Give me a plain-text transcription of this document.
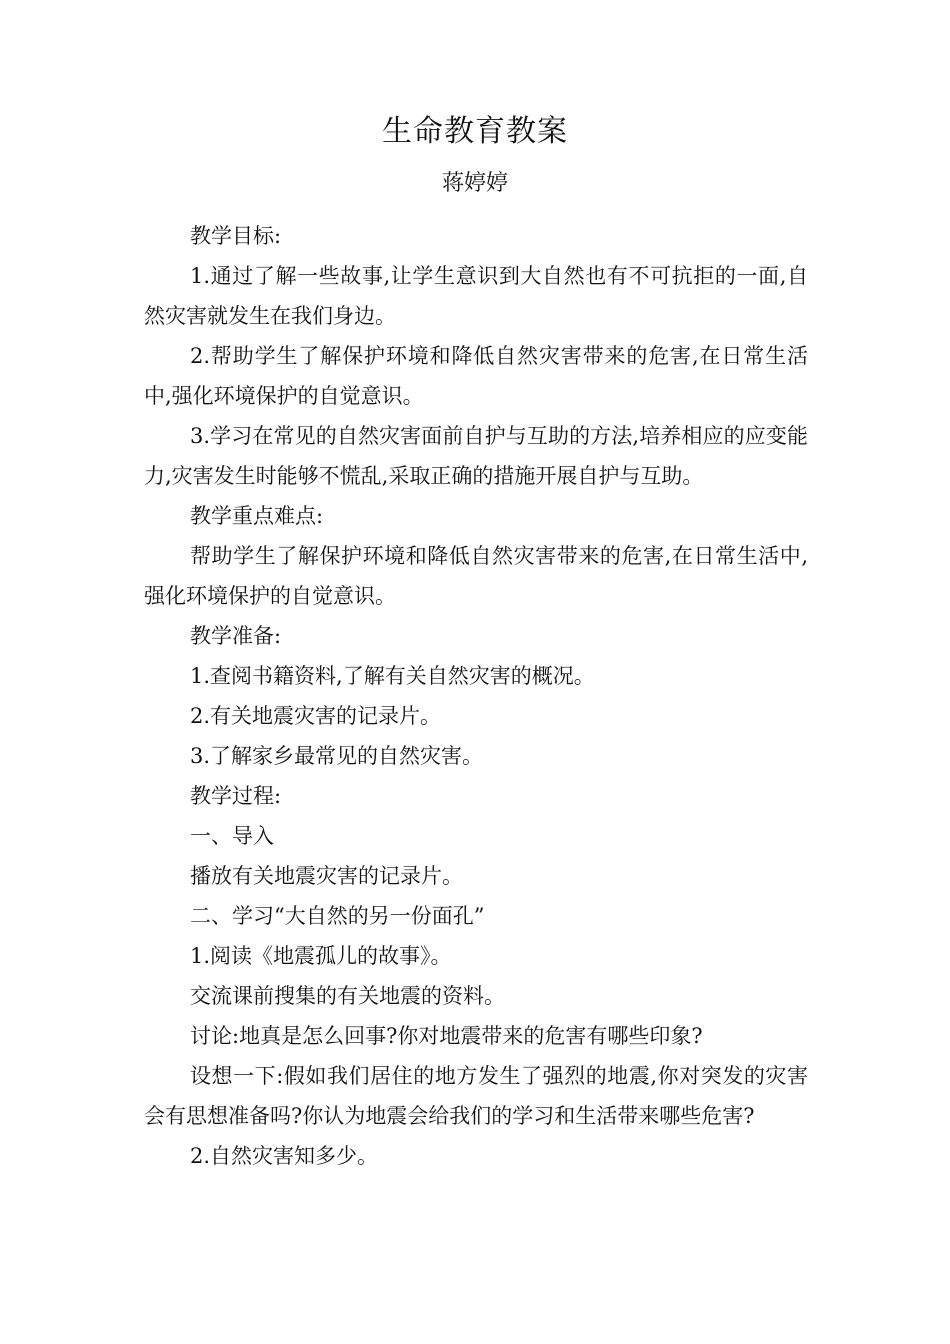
生命教育教案
蒋婷婷

教学目标:

1.通过了解一些故事,让学生意识到大自然也有不可抗拒的一面,自然灾害就发生在我们身边。

2.帮助学生了解保护环境和降低自然灾害带来的危害,在日常生活中,强化环境保护的自觉意识。

3.学习在常见的自然灾害面前自护与互助的方法,培养相应的应变能力,灾害发生时能够不慌乱,采取正确的措施开展自护与互助。

教学重点难点:

帮助学生了解保护环境和降低自然灾害带来的危害,在日常生活中,强化环境保护的自觉意识。

教学准备:

1.查阅书籍资料,了解有关自然灾害的概况。

2.有关地震灾害的记录片。

3.了解家乡最常见的自然灾害。

教学过程:

一、导入

播放有关地震灾害的记录片。

二、学习“大自然的另一份面孔”

1.阅读《地震孤儿的故事》。

交流课前搜集的有关地震的资料。

讨论:地真是怎么回事?你对地震带来的危害有哪些印象?

设想一下:假如我们居住的地方发生了强烈的地震,你对突发的灾害会有思想准备吗?你认为地震会给我们的学习和生活带来哪些危害?

2.自然灾害知多少。
